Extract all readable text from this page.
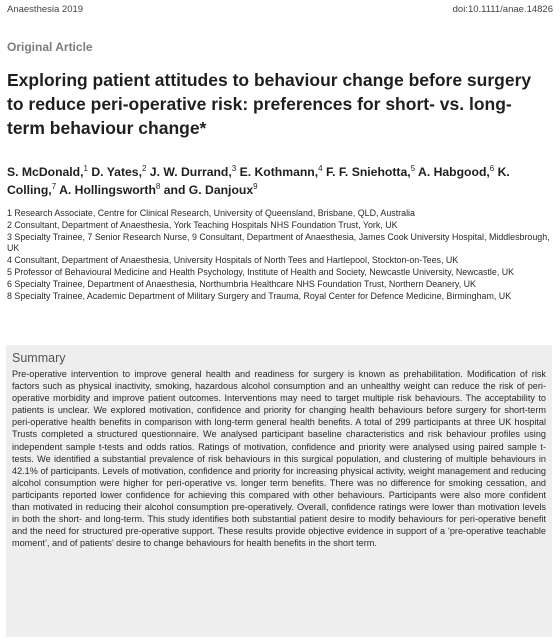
Anaesthesia 2019	doi:10.1111/anae.14826
Original Article
Exploring patient attitudes to behaviour change before surgery to reduce peri-operative risk: preferences for short- vs. long-term behaviour change*
S. McDonald,$^1$ D. Yates,$^2$ J. W. Durrand,$^3$ E. Kothmann,$^4$ F. F. Sniehotta,$^5$ A. Habgood,$^6$ K. Colling,$^7$ A. Hollingsworth$^8$ and G. Danjoux$^9$
1 Research Associate, Centre for Clinical Research, University of Queensland, Brisbane, QLD, Australia
2 Consultant, Department of Anaesthesia, York Teaching Hospitals NHS Foundation Trust, York, UK
3 Specialty Trainee, 7 Senior Research Nurse, 9 Consultant, Department of Anaesthesia, James Cook University Hospital, Middlesbrough, UK
4 Consultant, Department of Anaesthesia, University Hospitals of North Tees and Hartlepool, Stockton-on-Tees, UK
5 Professor of Behavioural Medicine and Health Psychology, Institute of Health and Society, Newcastle University, Newcastle, UK
6 Specialty Trainee, Department of Anaesthesia, Northumbria Healthcare NHS Foundation Trust, Northern Deanery, UK
8 Specialty Trainee, Academic Department of Military Surgery and Trauma, Royal Center for Defence Medicine, Birmingham, UK
Summary

Pre-operative intervention to improve general health and readiness for surgery is known as prehabilitation. Modification of risk factors such as physical inactivity, smoking, hazardous alcohol consumption and an unhealthy weight can reduce the risk of peri-operative morbidity and improve patient outcomes. Interventions may need to target multiple risk behaviours. The acceptability to patients is unclear. We explored motivation, confidence and priority for changing health behaviours before surgery for short-term peri-operative health benefits in comparison with long-term general health benefits. A total of 299 participants at three UK hospital Trusts completed a structured questionnaire. We analysed participant baseline characteristics and risk behaviour profiles using independent sample t-tests and odds ratios. Ratings of motivation, confidence and priority were analysed using paired sample t-tests. We identified a substantial prevalence of risk behaviours in this surgical population, and clustering of multiple behaviours in 42.1% of participants. Levels of motivation, confidence and priority for increasing physical activity, weight management and reducing alcohol consumption were higher for peri-operative vs. longer term benefits. There was no difference for smoking cessation, and participants reported lower confidence for achieving this compared with other behaviours. Participants were also more confident than motivated in reducing their alcohol consumption pre-operatively. Overall, confidence ratings were lower than motivation levels in both the short- and long-term. This study identifies both substantial patient desire to modify behaviours for peri-operative benefit and the need for structured pre-operative support. These results provide objective evidence in support of a ‘pre-operative teachable moment’, and of patients’ desire to change behaviours for health benefits in the short term.
